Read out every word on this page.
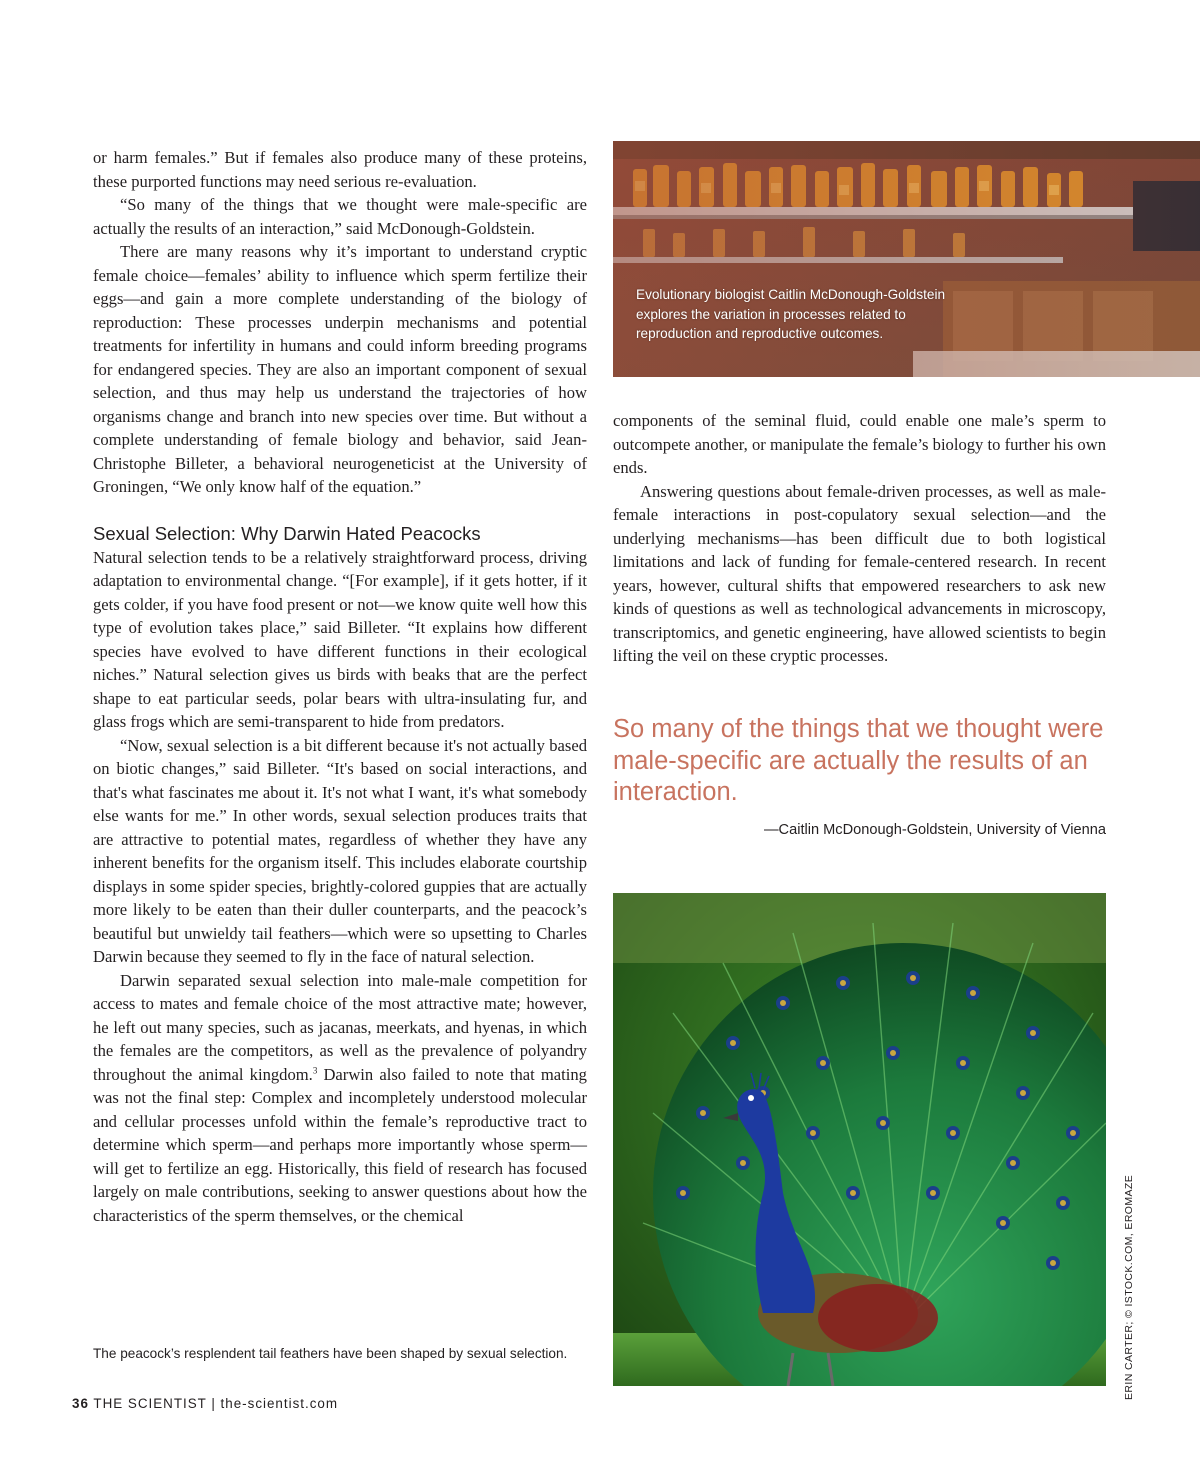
or harm females.” But if females also produce many of these proteins, these purported functions may need serious re-evaluation.

“So many of the things that we thought were male-specific are actually the results of an interaction,” said McDonough-Goldstein.

There are many reasons why it’s important to understand cryptic female choice—females’ ability to influence which sperm fertilize their eggs—and gain a more complete understanding of the biology of reproduction: These processes underpin mechanisms and potential treatments for infertility in humans and could inform breeding programs for endangered species. They are also an important component of sexual selection, and thus may help us understand the trajectories of how organisms change and branch into new species over time. But without a complete understanding of female biology and behavior, said Jean-Christophe Billeter, a behavioral neurogeneticist at the University of Groningen, “We only know half of the equation.”

Sexual Selection: Why Darwin Hated Peacocks

Natural selection tends to be a relatively straightforward process, driving adaptation to environmental change. “[For example], if it gets hotter, if it gets colder, if you have food present or not—we know quite well how this type of evolution takes place,” said Billeter. “It explains how different species have evolved to have different functions in their ecological niches.” Natural selection gives us birds with beaks that are the perfect shape to eat particular seeds, polar bears with ultra-insulating fur, and glass frogs which are semi-transparent to hide from predators.

“Now, sexual selection is a bit different because it's not actually based on biotic changes,” said Billeter. “It's based on social interactions, and that's what fascinates me about it. It's not what I want, it's what somebody else wants for me.” In other words, sexual selection produces traits that are attractive to potential mates, regardless of whether they have any inherent benefits for the organism itself. This includes elaborate courtship displays in some spider species, brightly-colored guppies that are actually more likely to be eaten than their duller counterparts, and the peacock’s beautiful but unwieldy tail feathers—which were so upsetting to Charles Darwin because they seemed to fly in the face of natural selection.

Darwin separated sexual selection into male-male competition for access to mates and female choice of the most attractive mate; however, he left out many species, such as jacanas, meerkats, and hyenas, in which the females are the competitors, as well as the prevalence of polyandry throughout the animal kingdom.$^3$ Darwin also failed to note that mating was not the final step: Complex and incompletely understood molecular and cellular processes unfold within the female’s reproductive tract to determine which sperm—and perhaps more importantly whose sperm—will get to fertilize an egg. Historically, this field of research has focused largely on male contributions, seeking to answer questions about how the characteristics of the sperm themselves, or the chemical

Evolutionary biologist Caitlin McDonough-Goldstein explores the variation in processes related to reproduction and reproductive outcomes.

components of the seminal fluid, could enable one male’s sperm to outcompete another, or manipulate the female’s biology to further his own ends.

Answering questions about female-driven processes, as well as male-female interactions in post-copulatory sexual selection—and the underlying mechanisms—has been difficult due to both logistical limitations and lack of funding for female-centered research. In recent years, however, cultural shifts that empowered researchers to ask new kinds of questions as well as technological advancements in microscopy, transcriptomics, and genetic engineering, have allowed scientists to begin lifting the veil on these cryptic processes.

So many of the things that we thought were male-specific are actually the results of an interaction.
—Caitlin McDonough-Goldstein, University of Vienna
ERIN CARTER; © ISTOCK.COM, EROMAZE
The peacock’s resplendent tail feathers have been shaped by sexual selection.
36 THE SCIENTIST | the-scientist.com
